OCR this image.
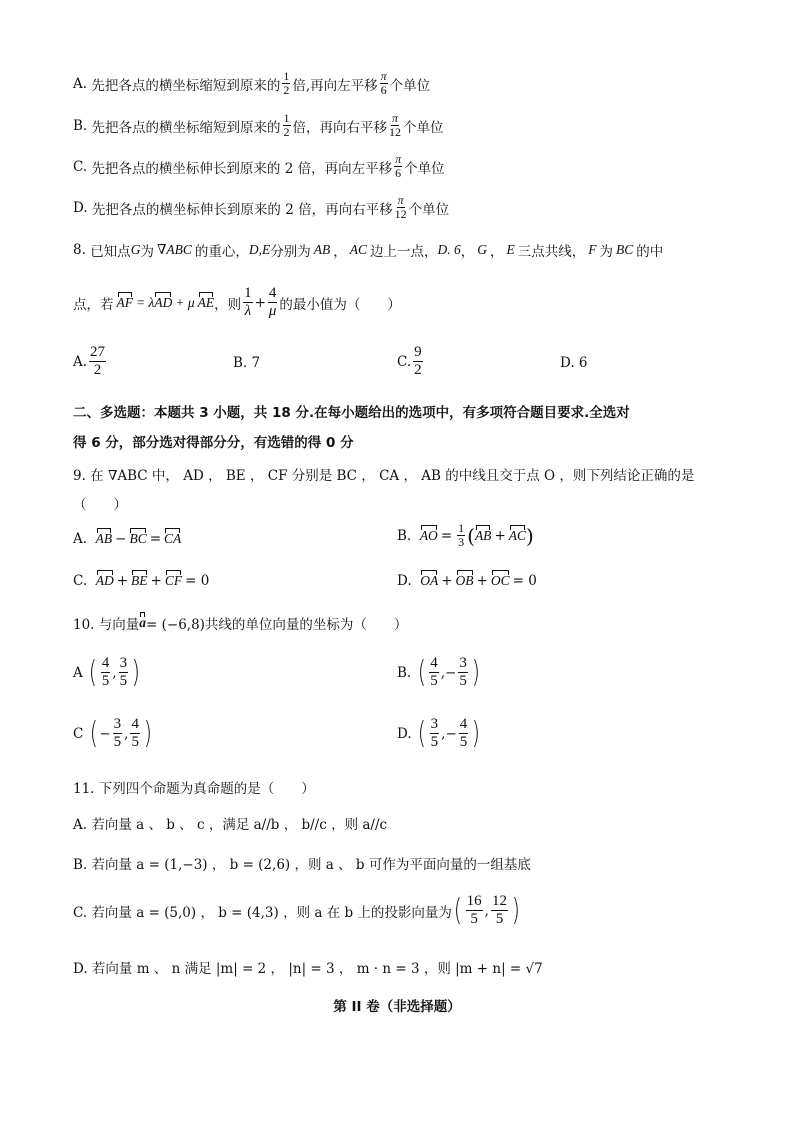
A.
先把各点的横坐标缩短到原来的 $\frac{1}{2}$ 倍,再向左平移 $\frac{\pi}{6}$ 个单位
B.
先把各点的横坐标缩短到原来的 $\frac{1}{2}$ 倍，再向右平移 $\frac{\pi}{12}$ 个单位
C.
先把各点的横坐标伸长到原来的 2 倍，再向左平移 $\frac{\pi}{6}$ 个单位
D.
先把各点的横坐标伸长到原来的 2 倍，再向右平移 $\frac{\pi}{12}$ 个单位
8.
已知点 G 为 ∇ABC 的重心， D,E 分别为 AB ， AC 边上一点， D. 6 ， G ， E 三点共线， F 为 BC 的中
点，若 AF = λ AD + μ AE ，则 $\frac{1}{\lambda} + \frac{4}{\mu}$ 的最小值为（　　）
A. $\frac{27}{2}$	B. 7	C. $\frac{9}{2}$	D. 6
二、多选题：本题共 3 小题，共 18 分.在每小题给出的选项中，有多项符合题目要求.全选对
得 6 分，部分选对得部分分，有选错的得 0 分
9. 在 ∇ABC 中， AD ， BE ， CF 分别是 BC ， CA ， AB 的中线且交于点 O ，则下列结论正确的是
（　　）
A.
AB − BC = CA	B.
AO = $\frac{1}{3}$ ( AB + AC )
C.
AD + BE + CF = 0	D.
OA + OB + OC = 0
10. 与向量 a = (−6,8)共线的单位向量的坐标为（　　）
A
( $\frac{4}{5}$ , $\frac{3}{5}$ )	B.
( $\frac{4}{5}$ , − $\frac{3}{5}$ )
C
( − $\frac{3}{5}$ , $\frac{4}{5}$ )	D.
( $\frac{3}{5}$ , − $\frac{4}{5}$ )
11. 下列四个命题为真命题的是（　　）
A. 若向量 a 、 b 、 c ，满足 a//b ， b//c ，则 a//c
B. 若向量 a = (1,−3) ， b = (2,6) ，则 a 、 b 可作为平面向量的一组基底
C. 若向量 a = (5,0) ， b = (4,3) ，则 a 在 b 上的投影向量为 ( $\frac{16}{5}$ , $\frac{12}{5}$ )
D. 若向量 m 、 n 满足 |m| = 2 ， |n| = 3 ， m · n = 3 ，则 |m + n| = √7
第 II 卷（非选择题）
